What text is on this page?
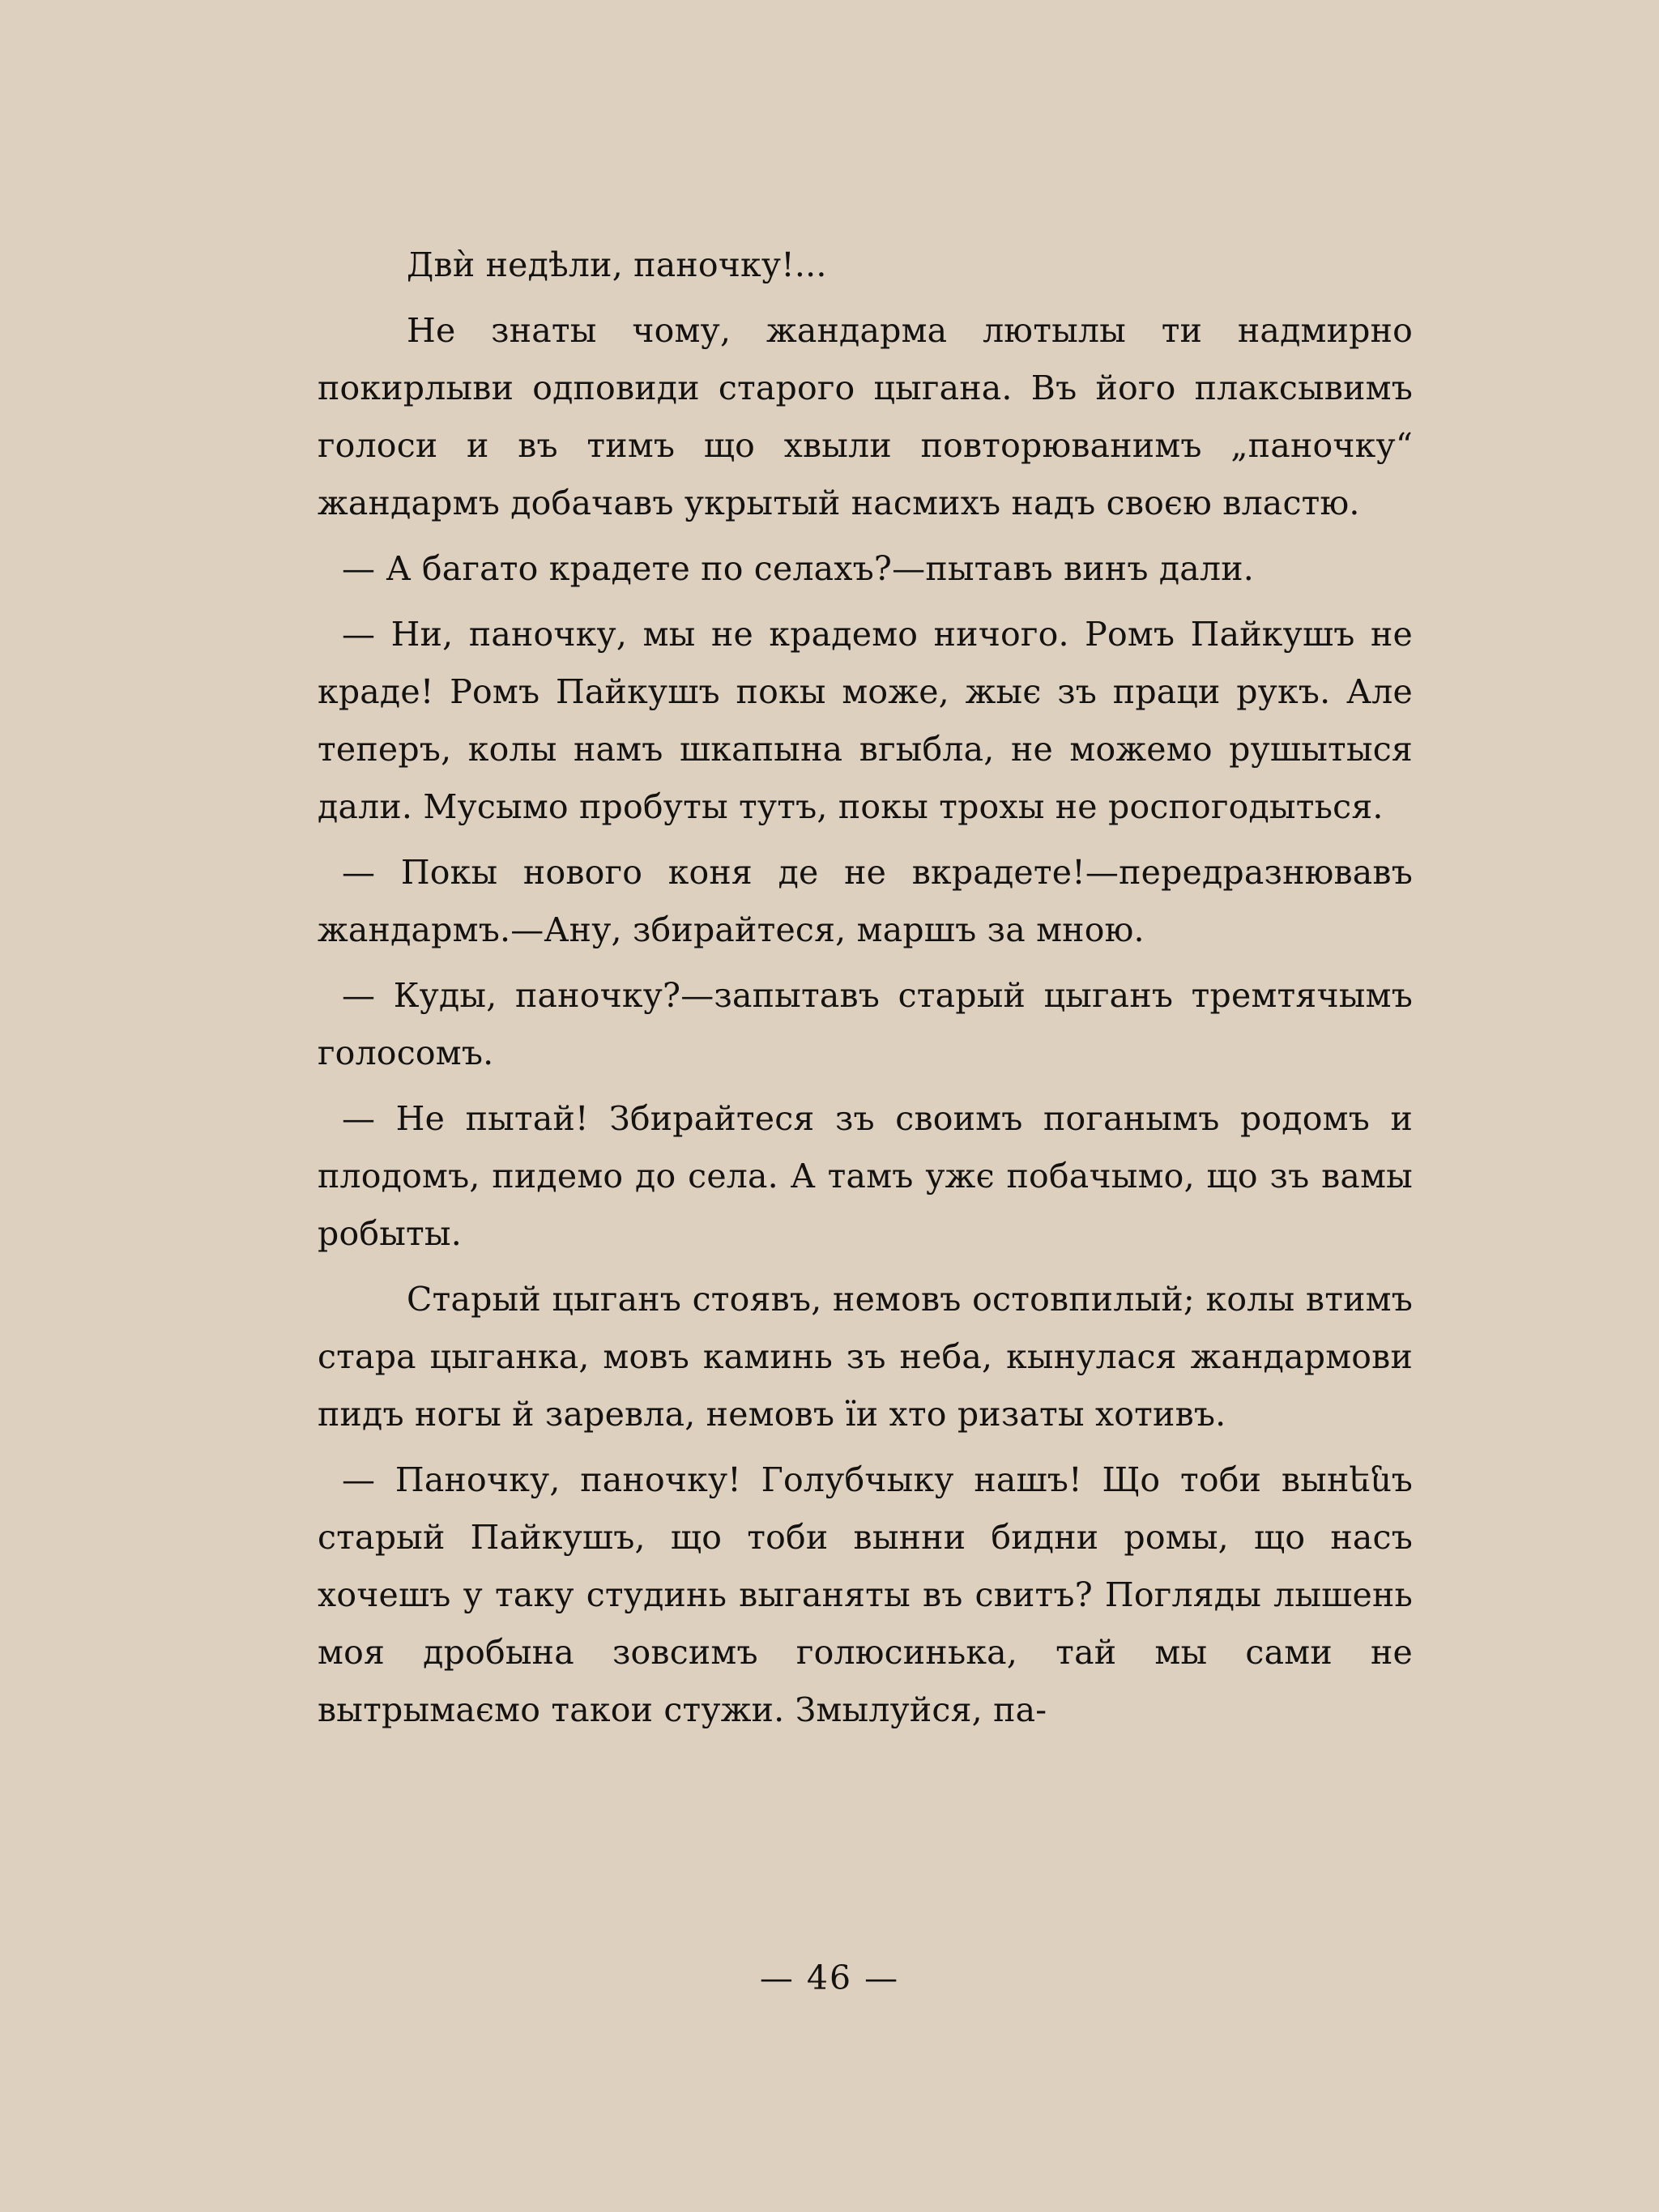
Двѝ недѣли, паночку!...

Не знаты чому, жандарма лютылы ти надмирно покирлыви одповиди старого цыгана. Въ його плаксывимъ голоси и въ тимъ що хвыли повторюванимъ „паночку“ жандармъ добачавъ укрытый насмихъ надъ своєю властю.

— А багато крадете по селахъ?—пытавъ винъ дали.

— Ни, паночку, мы не крадемо ничого. Ромъ Пайкушъ не краде! Ромъ Пайкушъ покы може, жыє зъ праци рукъ. Але теперъ, колы намъ шкапына вгыбла, не можемо рушытыся дали. Мусымо пробуты тутъ, покы трохы не роспогодыться.

— Покы нового коня де не вкрадете!—передразнювавъ жандармъ.—Ану, збирайтеся, маршъ за мною.

— Куды, паночку?—запытавъ старый цыганъ тремтячымъ голосомъ.

— Не пытай! Збирайтеся зъ своимъ поганымъ родомъ и плодомъ, пидемо до села. А тамъ ужє побачымо, що зъ вамы робыты.

Старый цыганъ стоявъ, немовъ остовпилый; колы втимъ стара цыганка, мовъ каминь зъ неба, кынулася жандармови пидъ ногы й заревла, немовъ ïи хто ризаты хотивъ.

— Паночку, паночку! Голубчыку нашъ! Що тоби вынենъ старый Пайкушъ, що тоби вынни бидни ромы, що насъ хочешъ у таку студинь выганяты въ свитъ? Погляды лышень моя дробына зовсимъ голюсинька, тай мы сами не вытрымаємо такои стужи. Змылуйся, па-

— 46 —
